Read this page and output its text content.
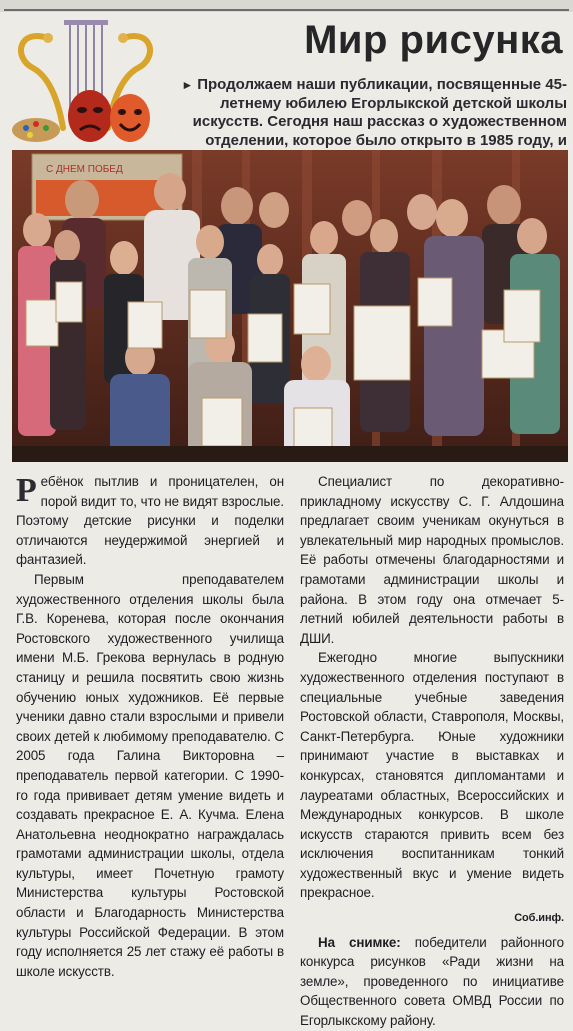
Мир рисунка

► Продолжаем наши публикации, посвященные 45-летнему юбилею Егорлыкской детской школы искусств. Сегодня наш рассказ о художественном отделении, которое было открыто в 1985 году, и

С ДНЕМ ПОБЕД

Ребёнок пытлив и проницателен, он порой видит то, что не видят взрослые. Поэтому детские рисунки и поделки отличаются неудержимой энергией и фантазией.

Первым преподавателем художественного отделения школы была Г.В. Коренева, которая после окончания Ростовского художественного училища имени М.Б. Грекова вернулась в родную станицу и решила посвятить свою жизнь обучению юных художников. Её первые ученики давно стали взрослыми и привели своих детей к любимому преподавателю. С 2005 года Галина Викторовна – преподаватель первой категории. С 1990-го года прививает детям умение видеть и создавать прекрасное Е. А. Кучма. Елена Анатольевна неоднократно награждалась грамотами администрации школы, отдела культуры, имеет Почетную грамоту Министерства культуры Ростовской области и Благодарность Министерства культуры Российской Федерации. В этом году исполняется 25 лет стажу её работы в школе искусств.

Специалист по декоративно-прикладному искусству С. Г. Алдошина предлагает своим ученикам окунуться в увлекательный мир народных промыслов. Её работы отмечены благодарностями и грамотами администрации школы и района. В этом году она отмечает 5-летний юбилей деятельности работы в ДШИ.

Ежегодно многие выпускники художественного отделения поступают в специальные учебные заведения Ростовской области, Ставрополя, Москвы, Санкт-Петербурга. Юные художники принимают участие в выставках и конкурсах, становятся дипломантами и лауреатами областных, Всероссийских и Международных конкурсов. В школе искусств стараются привить всем без исключения воспитанникам тонкий художественный вкус и умение видеть прекрасное.

Соб.инф.

На снимке: победители районного конкурса рисунков «Ради жизни на земле», проведенного по инициативе Общественного совета ОМВД России по Егорлыкскому району.
